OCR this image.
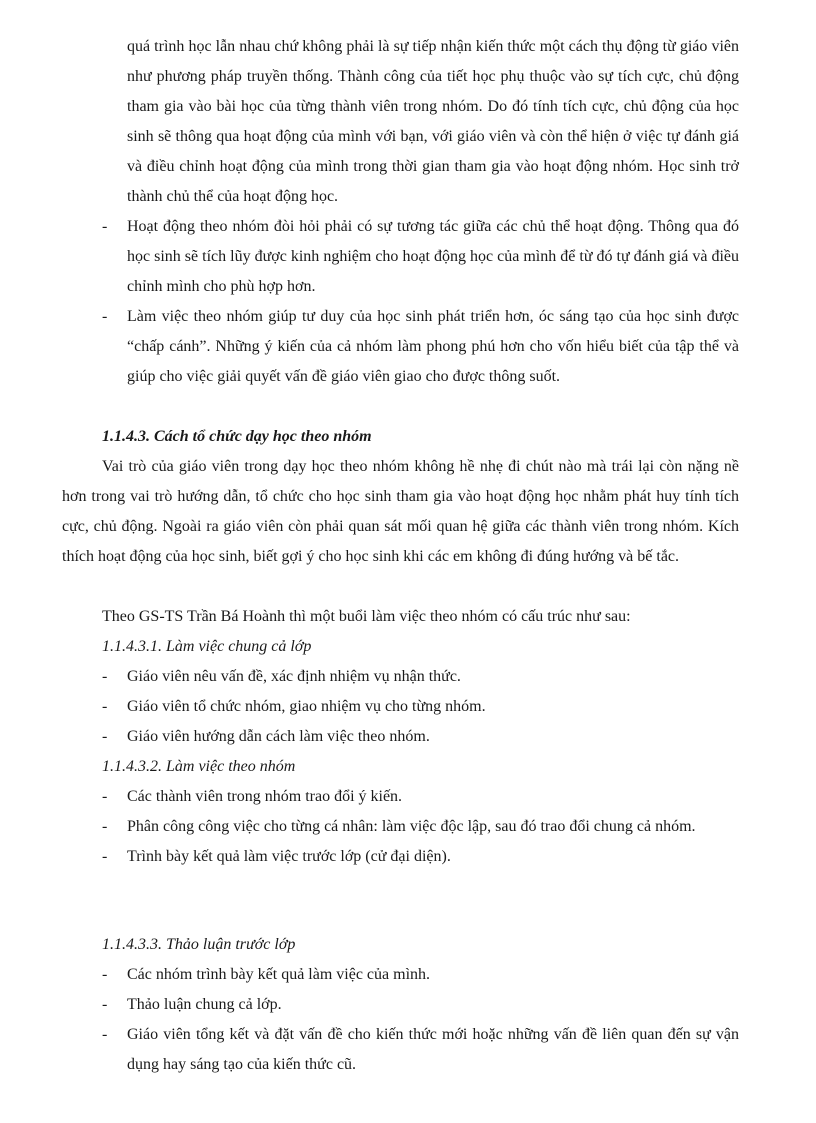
quá trình học lẫn nhau chứ không phải là sự tiếp nhận kiến thức một cách thụ động từ giáo viên như phương pháp truyền thống. Thành công của tiết học phụ thuộc vào sự tích cực, chủ động tham gia vào bài học của từng thành viên trong nhóm. Do đó tính tích cực, chủ động của học sinh sẽ thông qua hoạt động của mình với bạn, với giáo viên và còn thể hiện ở việc tự đánh giá và điều chỉnh hoạt động của mình trong thời gian tham gia vào hoạt động nhóm. Học sinh trở thành chủ thể của hoạt động học.

-	Hoạt động theo nhóm đòi hỏi phải có sự tương tác giữa các chủ thể hoạt động. Thông qua đó học sinh sẽ tích lũy được kinh nghiệm cho hoạt động học của mình để từ đó tự đánh giá và điều chỉnh mình cho phù hợp hơn.
-	Làm việc theo nhóm giúp tư duy của học sinh phát triển hơn, óc sáng tạo của học sinh được “chấp cánh”. Những ý kiến của cả nhóm làm phong phú hơn cho vốn hiểu biết của tập thể và giúp cho việc giải quyết vấn đề giáo viên giao cho được thông suốt.

1.1.4.3. Cách tổ chức dạy học theo nhóm

Vai trò của giáo viên trong dạy học theo nhóm không hề nhẹ đi chút nào mà trái lại còn nặng nề hơn trong vai trò hướng dẫn, tổ chức cho học sinh tham gia vào hoạt động học nhằm phát huy tính tích cực, chủ động. Ngoài ra giáo viên còn phải quan sát mối quan hệ giữa các thành viên trong nhóm. Kích thích hoạt động của học sinh, biết gợi ý cho học sinh khi các em không đi đúng hướng và bế tắc.

Theo GS-TS Trần Bá Hoành thì một buổi làm việc theo nhóm có cấu trúc như sau:

1.1.4.3.1. Làm việc chung cả lớp

-	Giáo viên nêu vấn đề, xác định nhiệm vụ nhận thức.
-	Giáo viên tổ chức nhóm, giao nhiệm vụ cho từng nhóm.
-	Giáo viên hướng dẫn cách làm việc theo nhóm.

1.1.4.3.2. Làm việc theo nhóm

-	Các thành viên trong nhóm trao đổi ý kiến.
-	Phân công công việc cho từng cá nhân: làm việc độc lập, sau đó trao đổi chung cả nhóm.
-	Trình bày kết quả làm việc trước lớp (cử đại diện).

1.1.4.3.3. Thảo luận trước lớp

-	Các nhóm trình bày kết quả làm việc của mình.
-	Thảo luận chung cả lớp.
-	Giáo viên tổng kết và đặt vấn đề cho kiến thức mới hoặc những vấn đề liên quan đến sự vận dụng hay sáng tạo của kiến thức cũ.
